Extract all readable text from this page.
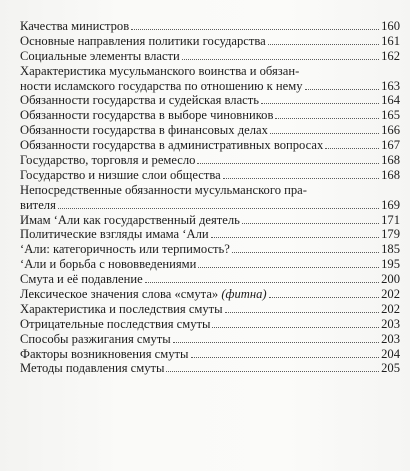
Качества министров	160
Основные направления политики государства	161
Социальные элементы власти	162
Характеристика мусульманского воинства и обязан-
ности исламского государства по отношению к нему	163
Обязанности государства и судейская власть	164
Обязанности государства в выборе чиновников	165
Обязанности государства в финансовых делах	166
Обязанности государства в административных вопросах	167
Государство, торговля и ремесло	168
Государство и низшие слои общества	168
Непосредственные обязанности мусульманского пра-
вителя	169
Имам ‘Али как государственный деятель	171
Политические взгляды имама ‘Али	179
‘Али: категоричность или терпимость?	185
‘Али и борьба с нововведениями	195
Смута и её подавление	200
Лексическое значения слова «смута» (фитна)	202
Характеристика и последствия смуты	202
Отрицательные последствия смуты	203
Способы разжигания смуты	203
Факторы возникновения смуты	204
Методы подавления смуты	205
